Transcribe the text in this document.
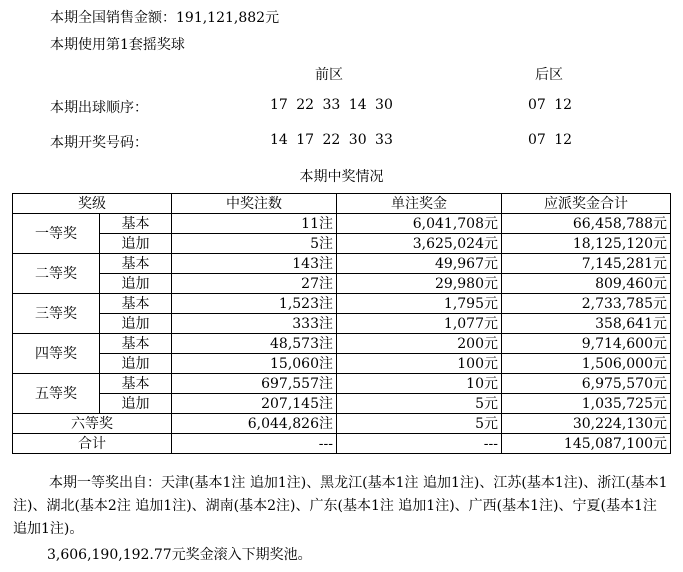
本期全国销售金额：191,121,882元
本期使用第1套摇奖球
前区	后区
本期出球顺序：	17 22 33 14 30	07 12
本期开奖号码：	14 17 22 30 33	07 12
本期中奖情况
奖级		中奖注数	单注奖金	应派奖金合计
一等奖	基本	11注	6,041,708元	66,458,788元
	追加	5注	3,625,024元	18,125,120元
二等奖	基本	143注	49,967元	7,145,281元
	追加	27注	29,980元	809,460元
三等奖	基本	1,523注	1,795元	2,733,785元
	追加	333注	1,077元	358,641元
四等奖	基本	48,573注	200元	9,714,600元
	追加	15,060注	100元	1,506,000元
五等奖	基本	697,557注	10元	6,975,570元
	追加	207,145注	5元	1,035,725元
六等奖		6,044,826注	5元	30,224,130元
合计		---	---	145,087,100元
本期一等奖出自：天津(基本1注 追加1注)、黑龙江(基本1注 追加1注)、江苏(基本1注)、浙江(基本1注)、湖北(基本2注 追加1注)、湖南(基本2注)、广东(基本1注 追加1注)、广西(基本1注)、宁夏(基本1注 追加1注)。
3,606,190,192.77元奖金滚入下期奖池。
